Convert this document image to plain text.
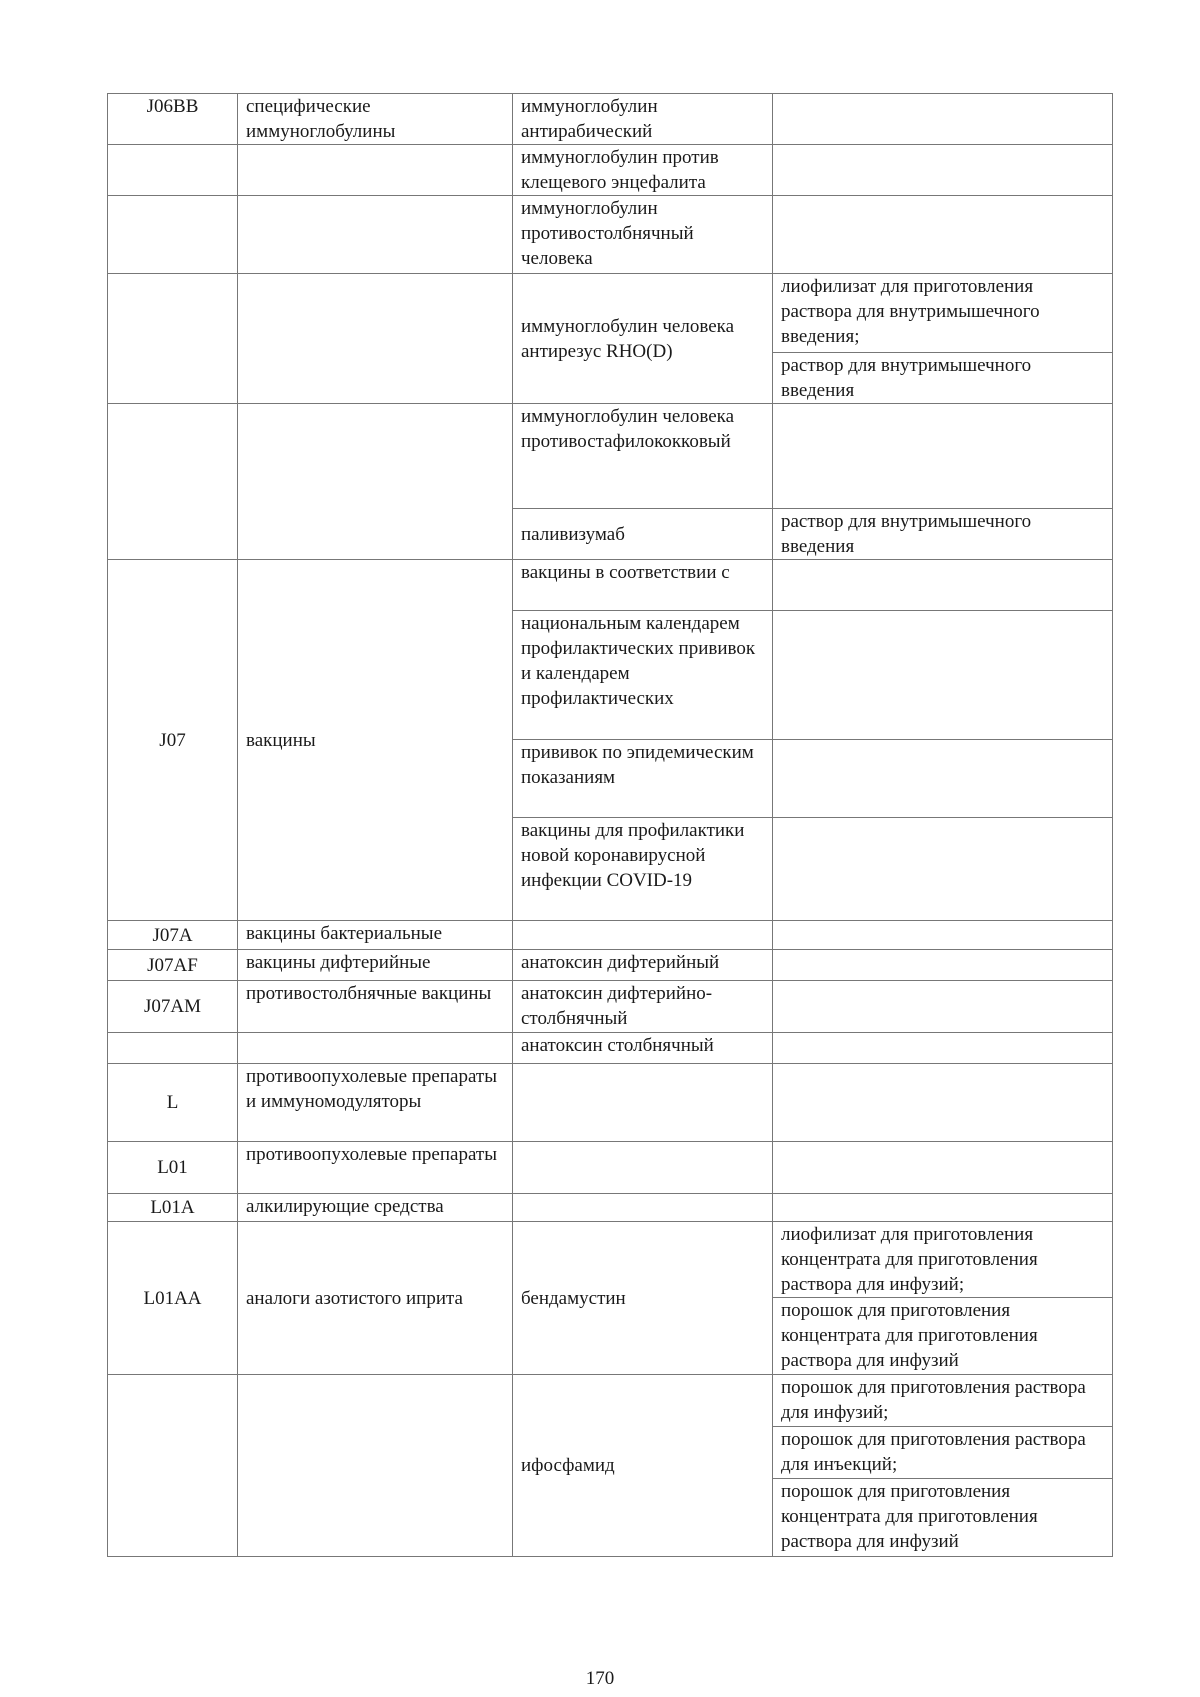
J06BB	специфические иммуноглобулины	иммуноглобулин антирабический	
		иммуноглобулин против клещевого энцефалита	
		иммуноглобулин противостолбнячный человека	
		иммуноглобулин человека антирезус RHO(D)	лиофилизат для приготовления раствора для внутримышечного введения;
			раствор для внутримышечного введения
		иммуноглобулин человека противостафилококковый	
		паливизумаб	раствор для внутримышечного введения
J07	вакцины	вакцины в соответствии с	
		национальным календарем профилактических прививок и календарем профилактических	
		прививок по эпидемическим показаниям	
		вакцины для профилактики новой коронавирусной инфекции COVID-19	
J07A	вакцины бактериальные		
J07AF	вакцины дифтерийные	анатоксин дифтерийный	
J07AM	противостолбнячные вакцины	анатоксин дифтерийно-столбнячный	
		анатоксин столбнячный	
L	противоопухолевые препараты и иммуномодуляторы		
L01	противоопухолевые препараты		
L01A	алкилирующие средства		
L01AA	аналоги азотистого иприта	бендамустин	лиофилизат для приготовления концентрата для приготовления раствора для инфузий;
			порошок для приготовления концентрата для приготовления раствора для инфузий
		ифосфамид	порошок для приготовления раствора для инфузий;
			порошок для приготовления раствора для инъекций;
			порошок для приготовления концентрата для приготовления раствора для инфузий
170
